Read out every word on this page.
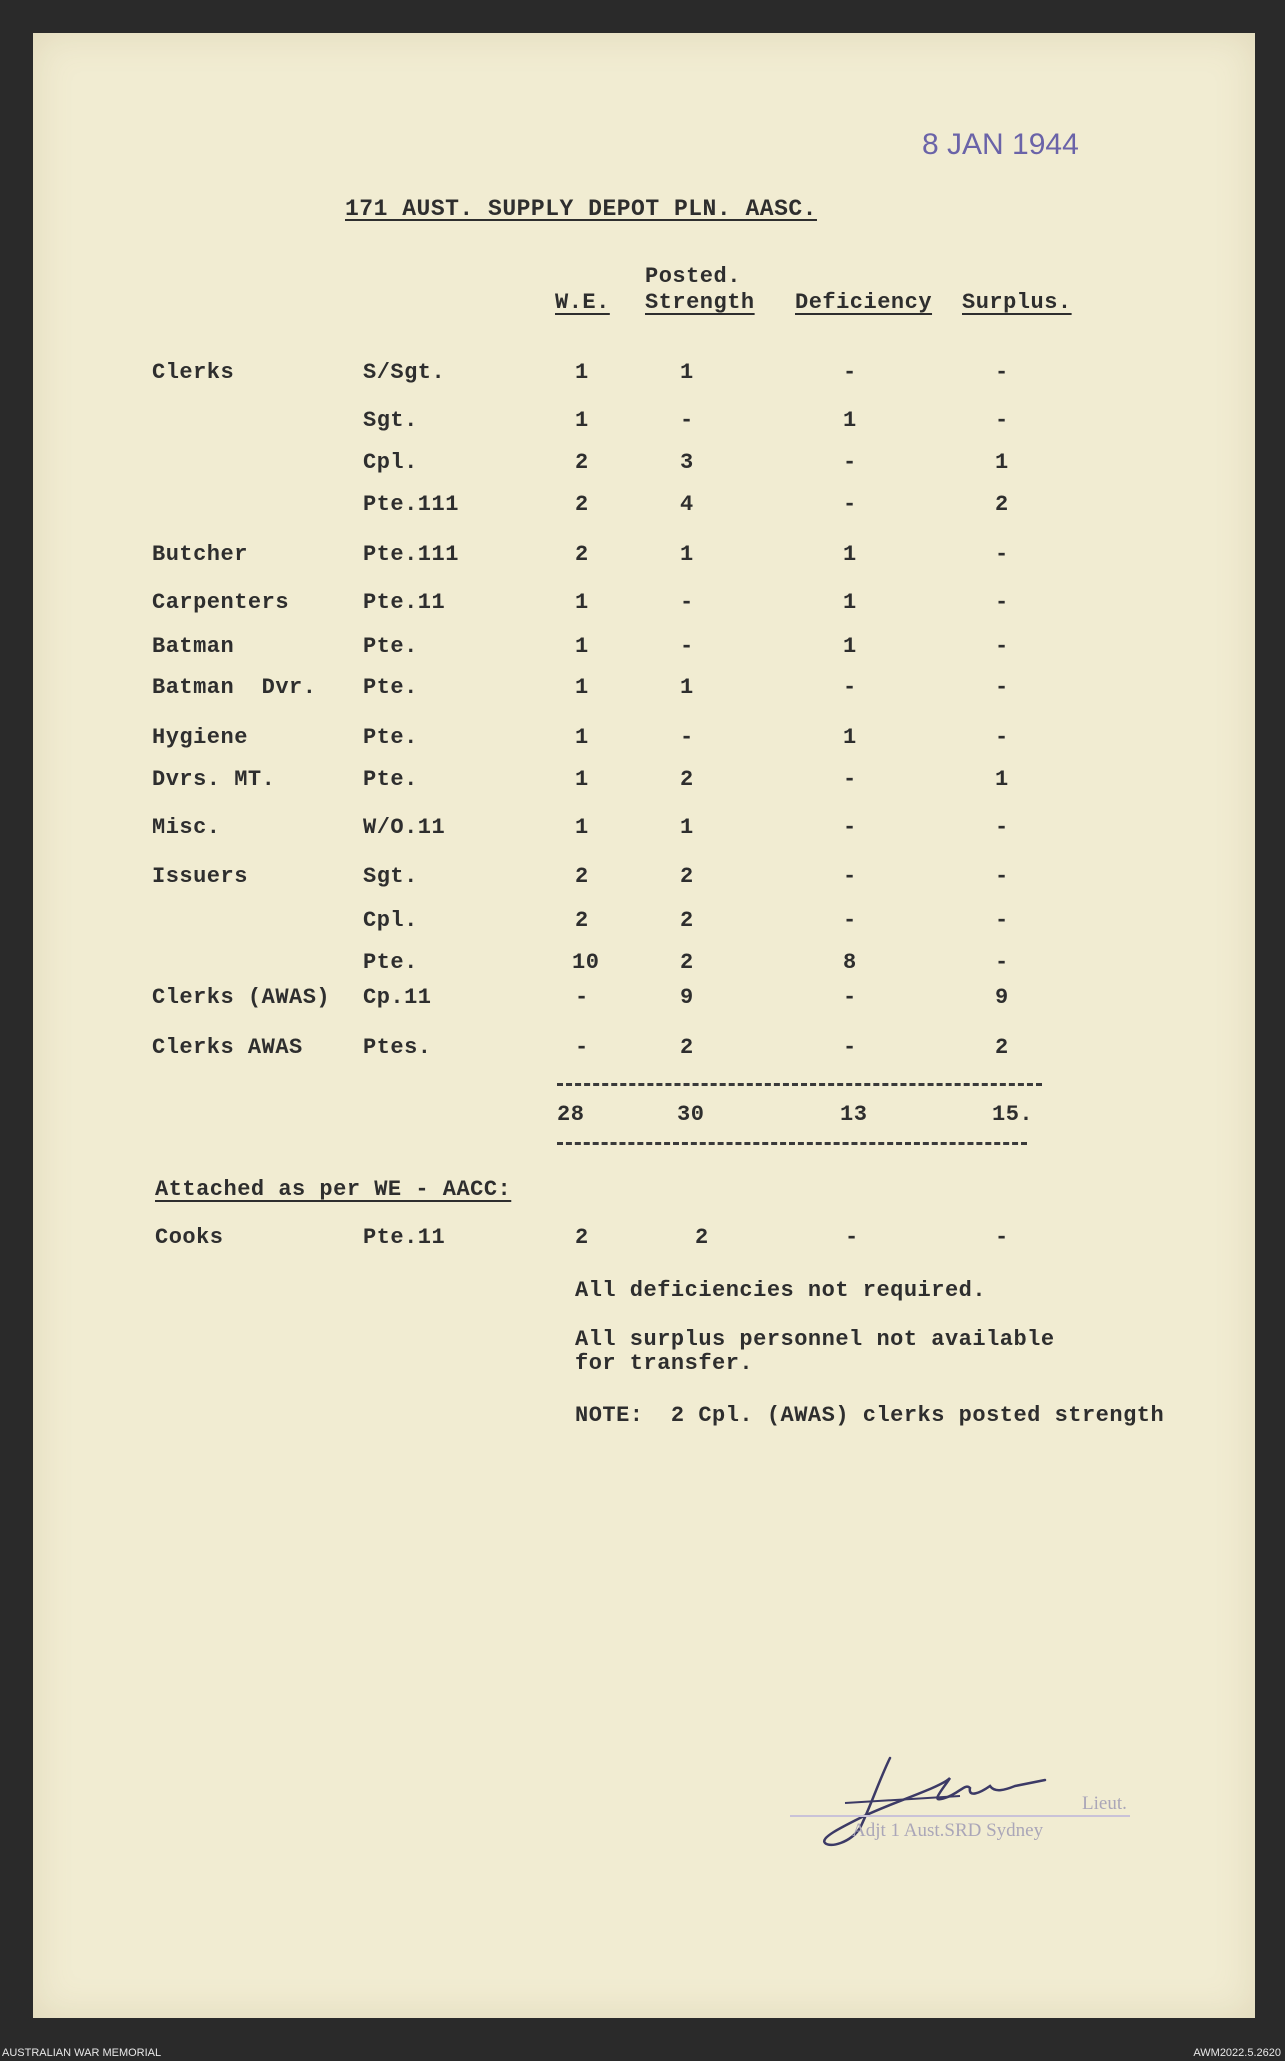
8 JAN 1944
171 AUST. SUPPLY DEPOT PLN. AASC.
Posted.
W.E. Strength Deficiency Surplus.
Clerks	S/Sgt.	1	1	-	-
Sgt.	1	-	1	-
Cpl.	2	3	-	1
Pte.111	2	4	-	2
Butcher	Pte.111	2	1	1	-
Carpenters	Pte.11	1	-	1	-
Batman	Pte.	1	-	1	-
Batman  Dvr. Pte.	1	1	-	-
Hygiene	Pte.	1	-	1	-
Dvrs. MT.	Pte.	1	2	-	1
Misc.	W/O.11	1	1	-	-
Issuers	Sgt.	2	2	-	-
Cpl.	2	2	-	-
Pte.	10	2	8	-
Clerks (AWAS) Cp.11	-	9	-	9
Clerks AWAS	Ptes.	-	2	-	2
28	30	13	15.
Attached as per WE - AACC:
Cooks	Pte.11	2	2	-	-
All deficiencies not required.
All surplus personnel not available
for transfer.
NOTE:  2 Cpl. (AWAS) clerks posted strength
Lieut.
Adjt 1 Aust.SRD Sydney
AUSTRALIAN WAR MEMORIAL	AWM2022.5.2620
